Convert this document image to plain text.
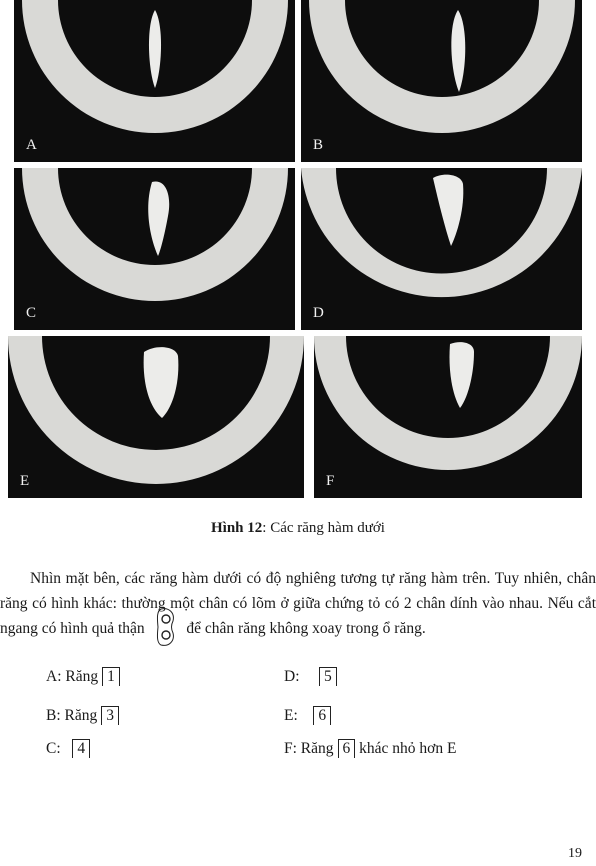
A	B
C	D
E	F
Hình 12: Các răng hàm dưới
Nhìn mặt bên, các răng hàm dưới có độ nghiêng tương tự răng hàm trên. Tuy nhiên, chân răng có hình khác: thường một chân có lõm ở giữa chứng tỏ có 2 chân dính vào nhau. Nếu cắt ngang có hình quả thận	để chân răng không xoay trong ổ răng.
A: Răng 1
B: Răng 3
C: 4
D: 5
E: 6
F: Răng 6 khác nhỏ hơn E
19
